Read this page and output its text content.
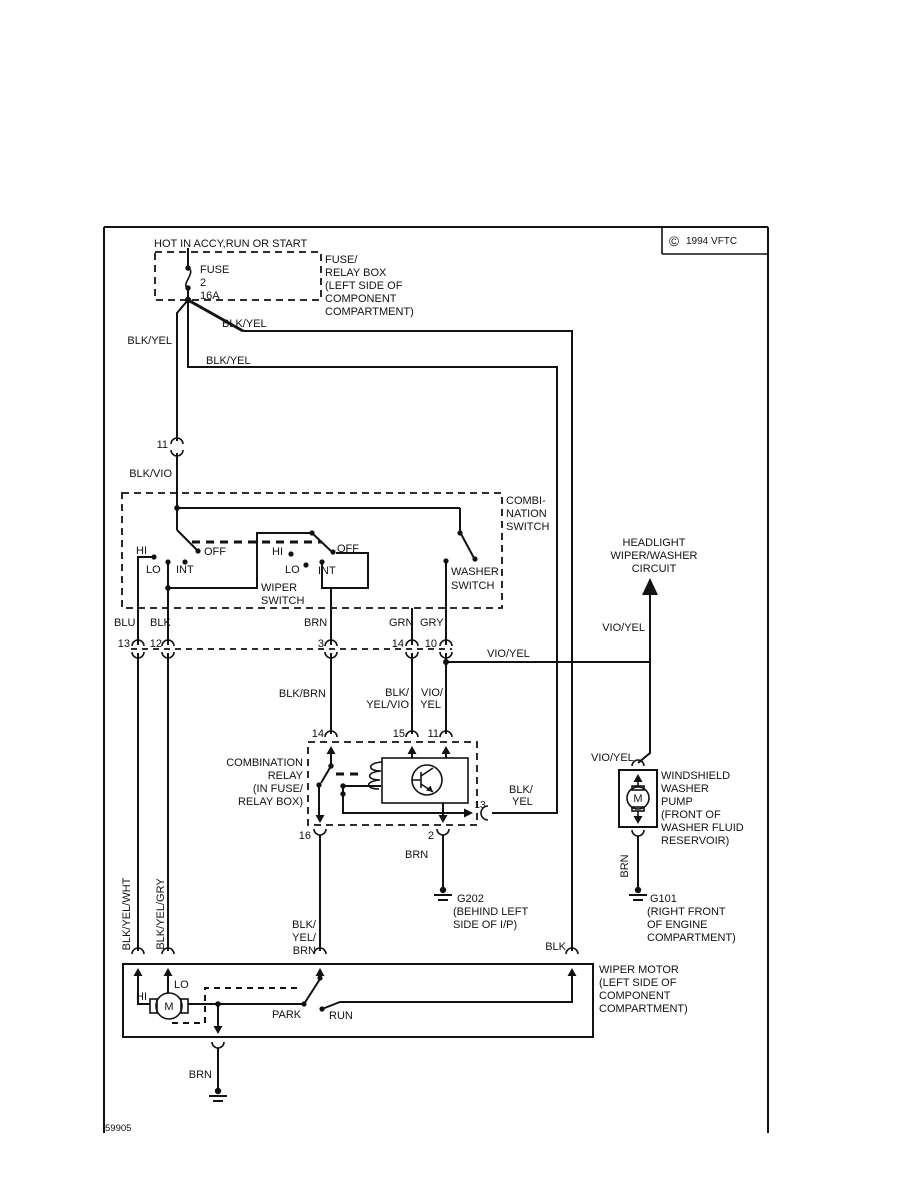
© 1994 VFTC
59905
HOT IN ACCY,RUN OR START
FUSE
2
16A
FUSE/
RELAY BOX
(LEFT SIDE OF
COMPONENT
COMPARTMENT)
11
BLK/YEL
BLK/VIO
BLK/YEL
BLK/YEL
COMBI-
NATION
SWITCH
HI	OFF
LO INT
HI	OFF
LO INT
WIPER
SWITCH
WASHER
SWITCH
BLU BLK	BRN	GRN GRY
13 12	3	14 10
BLK/BRN	BLK/
YEL/VIO
VIO/
YEL
BLK/YEL/WHT BLK/YEL/GRY
VIO/YEL
VIO/YEL
HEADLIGHT
WIPER/WASHER
CIRCUIT
COMBINATION
RELAY
(IN FUSE/
RELAY BOX)
14	15 11
13
BLK/
YEL
16	2
BLK/
YEL/
BRN
BRN
G202
(BEHIND LEFT
SIDE OF I/P)
VIO/YEL
M
WINDSHIELD
WASHER
PUMP
(FRONT OF
WASHER FLUID
RESERVOIR)
BRN
G101
(RIGHT FRONT
OF ENGINE
COMPARTMENT)
BLK
WIPER MOTOR
(LEFT SIDE OF
COMPONENT
COMPARTMENT)
HI
LO
M
PARK	RUN
BRN
